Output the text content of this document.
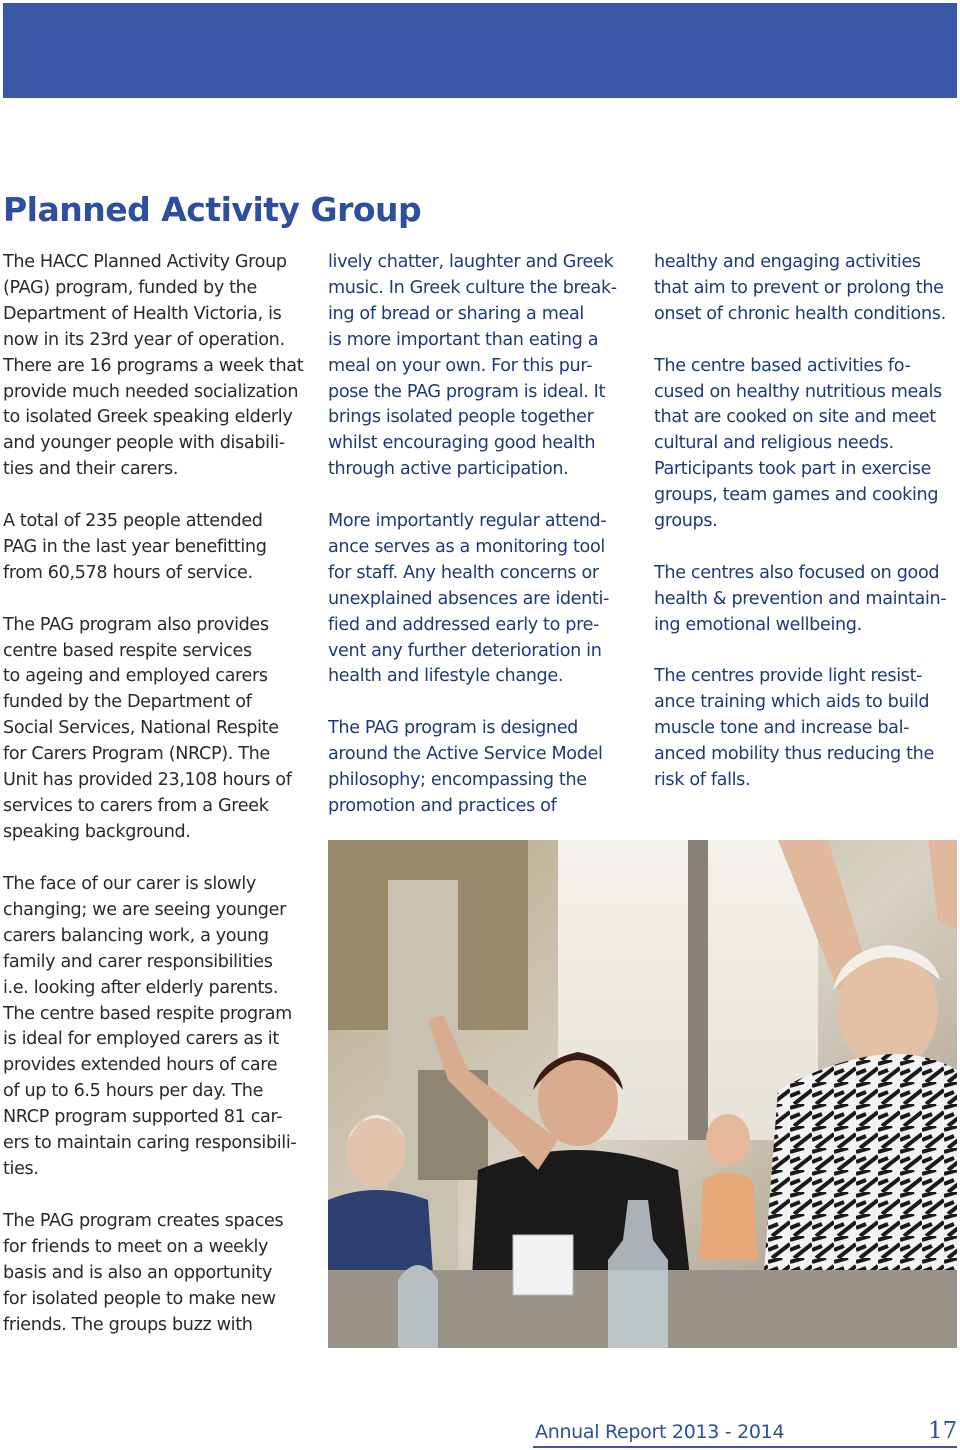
Planned Activity Group

The HACC Planned Activity Group
(PAG) program, funded by the
Department of Health Victoria, is
now in its 23rd year of operation.
There are 16 programs a week that
provide much needed socialization
to isolated Greek speaking elderly
and younger people with disabili-
ties and their carers.

A total of 235 people attended
PAG in the last year benefitting
from 60,578 hours of service.

The PAG program also provides
centre based respite services
to ageing and employed carers
funded by the Department of
Social Services, National Respite
for Carers Program (NRCP). The
Unit has provided 23,108 hours of
services to carers from a Greek
speaking background.

The face of our carer is slowly
changing; we are seeing younger
carers balancing work, a young
family and carer responsibilities
i.e. looking after elderly parents.
The centre based respite program
is ideal for employed carers as it
provides extended hours of care
of up to 6.5 hours per day. The
NRCP program supported 81 car-
ers to maintain caring responsibili-
ties.

The PAG program creates spaces
for friends to meet on a weekly
basis and is also an opportunity
for isolated people to make new
friends. The groups buzz with

lively chatter, laughter and Greek
music. In Greek culture the break-
ing of bread or sharing a meal
is more important than eating a
meal on your own. For this pur-
pose the PAG program is ideal. It
brings isolated people together
whilst encouraging good health
through active participation.

More importantly regular attend-
ance serves as a monitoring tool
for staff. Any health concerns or
unexplained absences are identi-
fied and addressed early to pre-
vent any further deterioration in
health and lifestyle change.

The PAG program is designed
around the Active Service Model
philosophy; encompassing the
promotion and practices of

healthy and engaging activities
that aim to prevent or prolong the
onset of chronic health conditions.

The centre based activities fo-
cused on healthy nutritious meals
that are cooked on site and meet
cultural and religious needs.
Participants took part in exercise
groups, team games and cooking
groups.

The centres also focused on good
health & prevention and maintain-
ing emotional wellbeing.

The centres provide light resist-
ance training which aids to build
muscle tone and increase bal-
anced mobility thus reducing the
risk of falls.

Annual Report 2013 - 2014	17
